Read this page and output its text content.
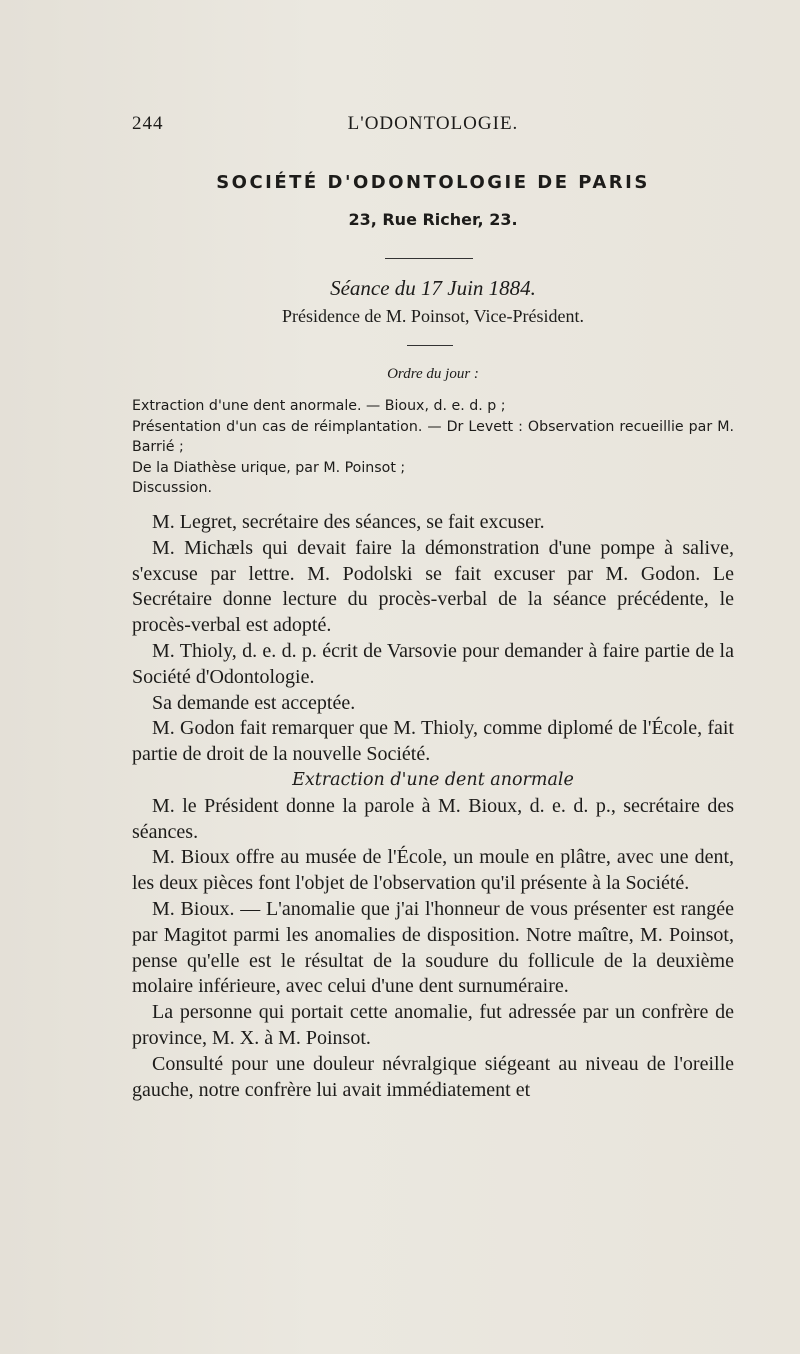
244	L'ODONTOLOGIE.
SOCIÉTÉ D'ODONTOLOGIE DE PARIS
23, Rue Richer, 23.
Séance du 17 Juin 1884.
Présidence de M. Poinsot, Vice-Président.
Ordre du jour :
Extraction d'une dent anormale. — Bioux, d. e. d. p ;
Présentation d'un cas de réimplantation. — Dr Levett : Observation recueillie par M. Barrié ;
De la Diathèse urique, par M. Poinsot ;
Discussion.

M. Legret, secrétaire des séances, se fait excuser.

M. Michæls qui devait faire la démonstration d'une pompe à salive, s'excuse par lettre. M. Podolski se fait excuser par M. Godon. Le Secrétaire donne lecture du procès-verbal de la séance précédente, le procès-verbal est adopté.

M. Thioly, d. e. d. p. écrit de Varsovie pour demander à faire partie de la Société d'Odontologie.

Sa demande est acceptée.

M. Godon fait remarquer que M. Thioly, comme diplomé de l'École, fait partie de droit de la nouvelle Société.

Extraction d'une dent anormale

M. le Président donne la parole à M. Bioux, d. e. d. p., secrétaire des séances.

M. Bioux offre au musée de l'École, un moule en plâtre, avec une dent, les deux pièces font l'objet de l'observation qu'il présente à la Société.

M. Bioux. — L'anomalie que j'ai l'honneur de vous présenter est rangée par Magitot parmi les anomalies de disposition. Notre maître, M. Poinsot, pense qu'elle est le résultat de la soudure du follicule de la deuxième molaire inférieure, avec celui d'une dent surnuméraire.

La personne qui portait cette anomalie, fut adressée par un confrère de province, M. X. à M. Poinsot.

Consulté pour une douleur névralgique siégeant au niveau de l'oreille gauche, notre confrère lui avait immédiatement et
